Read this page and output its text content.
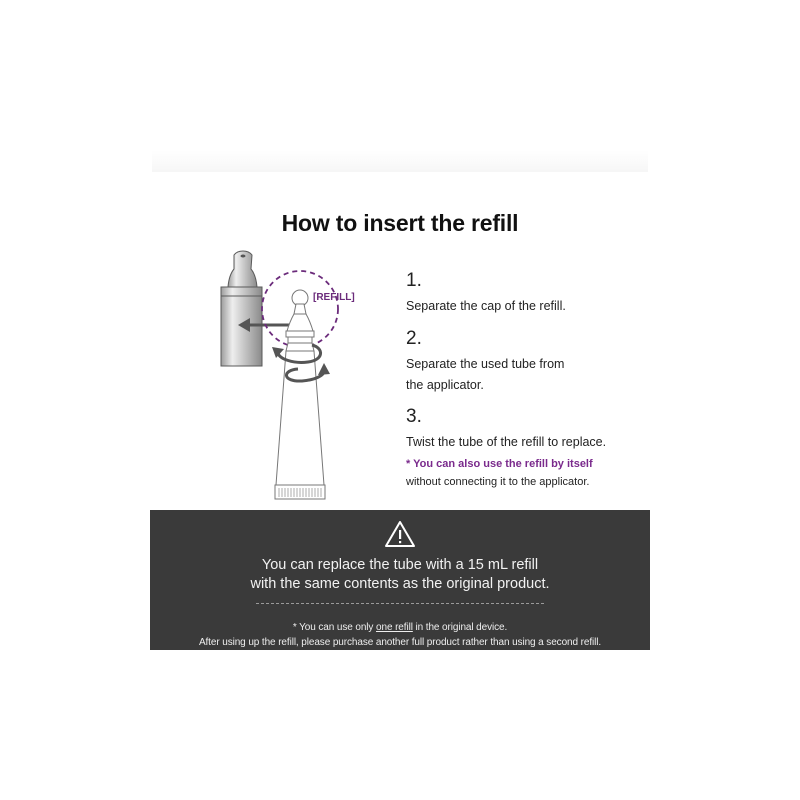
How to insert the refill
[REFILL]
1.
Separate the cap of the refill.
2.
Separate the used tube from
the applicator.
3.
Twist the tube of the refill to replace.
* You can also use the refill by itself
without connecting it to the applicator.
You can replace the tube with a 15 mL refill
with the same contents as the original product.
* You can use only one refill in the original device.
After using up the refill, please purchase another full product rather than using a second refill.
